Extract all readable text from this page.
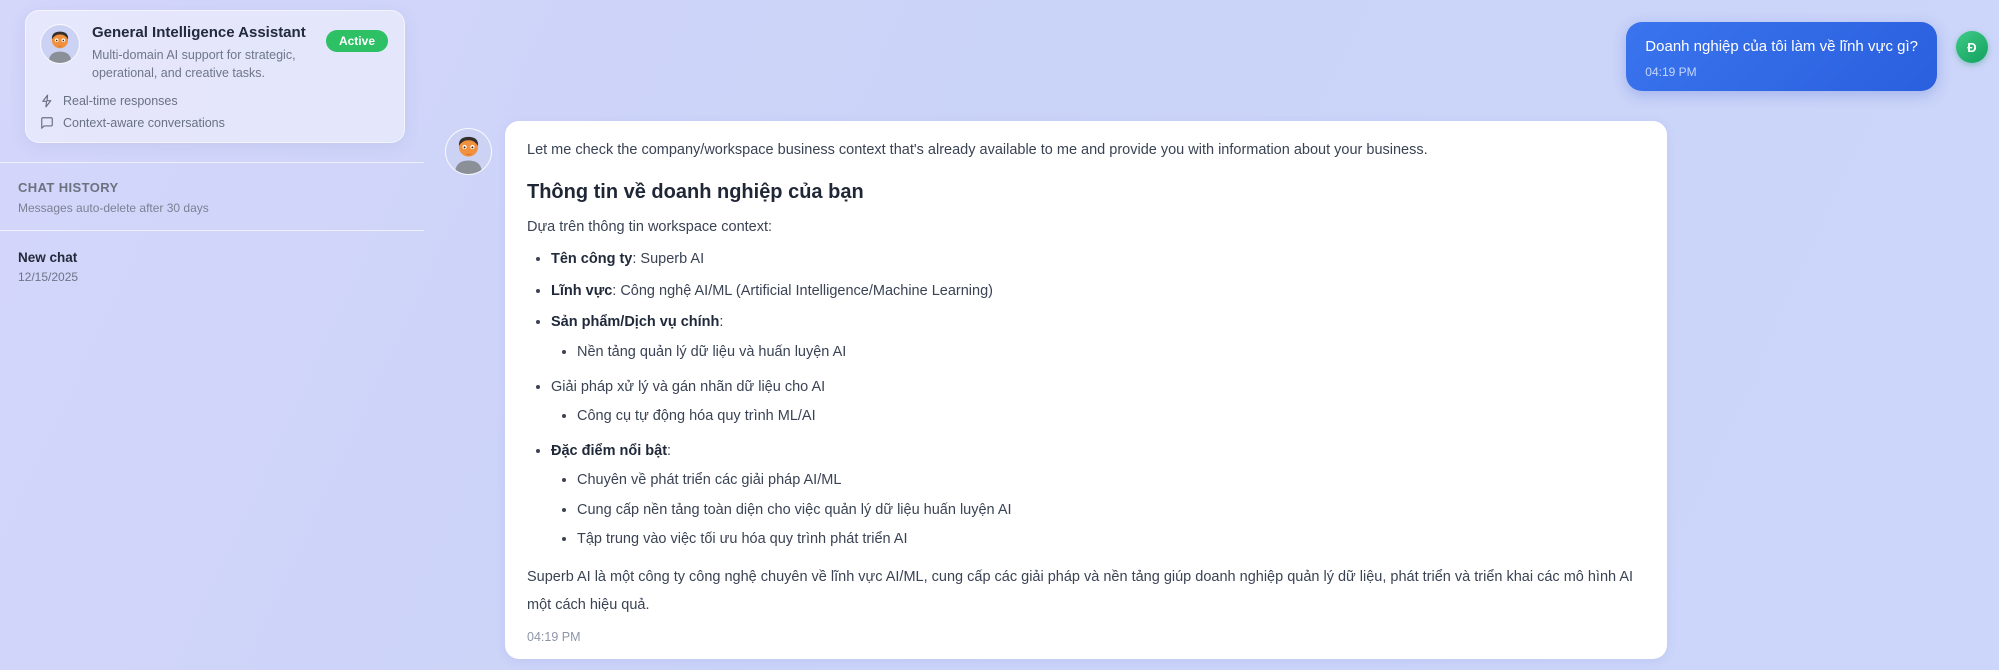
General Intelligence Assistant
Multi-domain AI support for strategic, operational, and creative tasks.
Active
Real-time responses
Context-aware conversations
CHAT HISTORY
Messages auto-delete after 30 days
New chat
12/15/2025
Doanh nghiệp của tôi làm về lĩnh vực gì?
04:19 PM
Đ

Let me check the company/workspace business context that's already available to me and provide you with information about your business.

Thông tin về doanh nghiệp của bạn

Dựa trên thông tin workspace context:

• Tên công ty: Superb AI
• Lĩnh vực: Công nghệ AI/ML (Artificial Intelligence/Machine Learning)
• Sản phẩm/Dịch vụ chính:
• Nền tảng quản lý dữ liệu và huấn luyện AI
• Giải pháp xử lý và gán nhãn dữ liệu cho AI
• Công cụ tự động hóa quy trình ML/AI
• Đặc điểm nổi bật:
• Chuyên về phát triển các giải pháp AI/ML
• Cung cấp nền tảng toàn diện cho việc quản lý dữ liệu huấn luyện AI
• Tập trung vào việc tối ưu hóa quy trình phát triển AI

Superb AI là một công ty công nghệ chuyên về lĩnh vực AI/ML, cung cấp các giải pháp và nền tảng giúp doanh nghiệp quản lý dữ liệu, phát triển và triển khai các mô hình AI một cách hiệu quả.

04:19 PM
